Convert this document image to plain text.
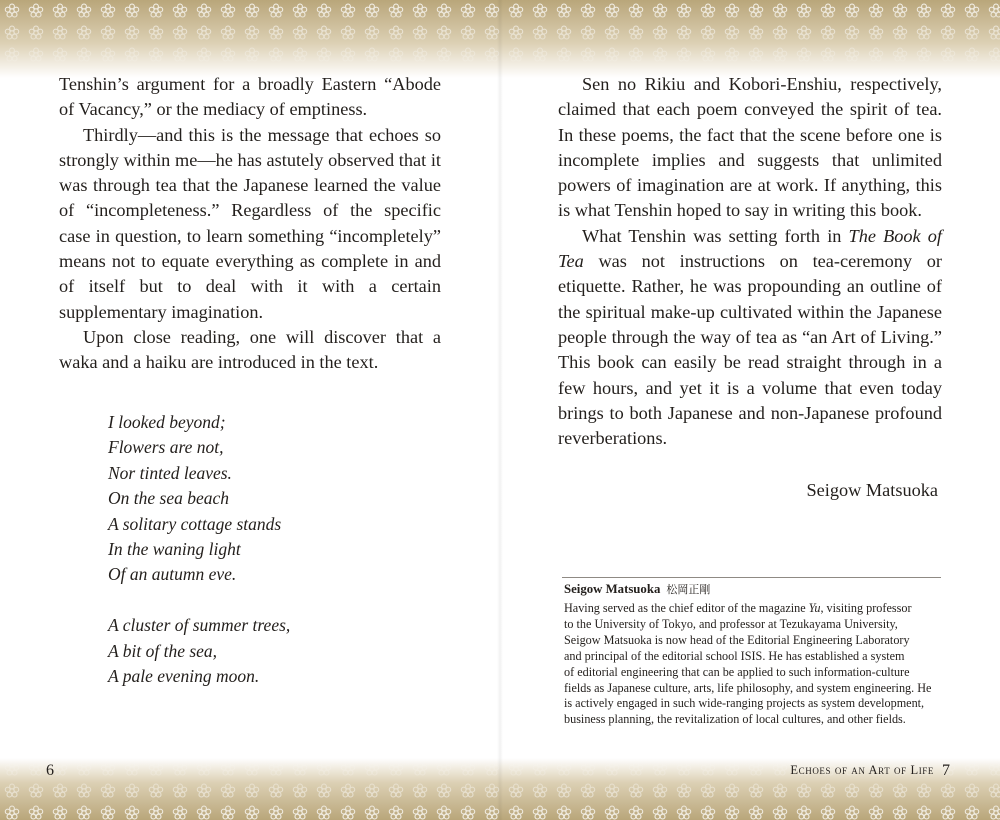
Tenshin’s argument for a broadly Eastern “Abode of Vacancy,” or the mediacy of emptiness.

Thirdly—and this is the message that echoes so strongly within me—he has astutely observed that it was through tea that the Japanese learned the value of “incompleteness.” Regardless of the specific case in question, to learn something “incompletely” means not to equate everything as complete in and of itself but to deal with it with a certain supplementary imagination.

Upon close reading, one will discover that a waka and a haiku are introduced in the text.

I looked beyond;
Flowers are not,
Nor tinted leaves.
On the sea beach
A solitary cottage stands
In the waning light
Of an autumn eve.
A cluster of summer trees,
A bit of the sea,
A pale evening moon.
6

Sen no Rikiu and Kobori-Enshiu, respectively, claimed that each poem conveyed the spirit of tea. In these poems, the fact that the scene before one is incomplete implies and suggests that unlimited powers of imagination are at work. If anything, this is what Tenshin hoped to say in writing this book.

What Tenshin was setting forth in The Book of Tea was not instructions on tea-ceremony or etiquette. Rather, he was propounding an outline of the spiritual make-up cultivated within the Japanese people through the way of tea as “an Art of Living.” This book can easily be read straight through in a few hours, and yet it is a volume that even today brings to both Japanese and non-Japanese profound reverberations.

Seigow Matsuoka
Seigow Matsuoka 松岡正剛
Having served as the chief editor of the magazine Yu, visiting professor
to the University of Tokyo, and professor at Tezukayama University,
Seigow Matsuoka is now head of the Editorial Engineering Laboratory
and principal of the editorial school ISIS. He has established a system
of editorial engineering that can be applied to such information-culture
fields as Japanese culture, arts, life philosophy, and system engineering. He
is actively engaged in such wide-ranging projects as system development,
business planning, the revitalization of local cultures, and other fields.
Echoes of an Art of Life 7
